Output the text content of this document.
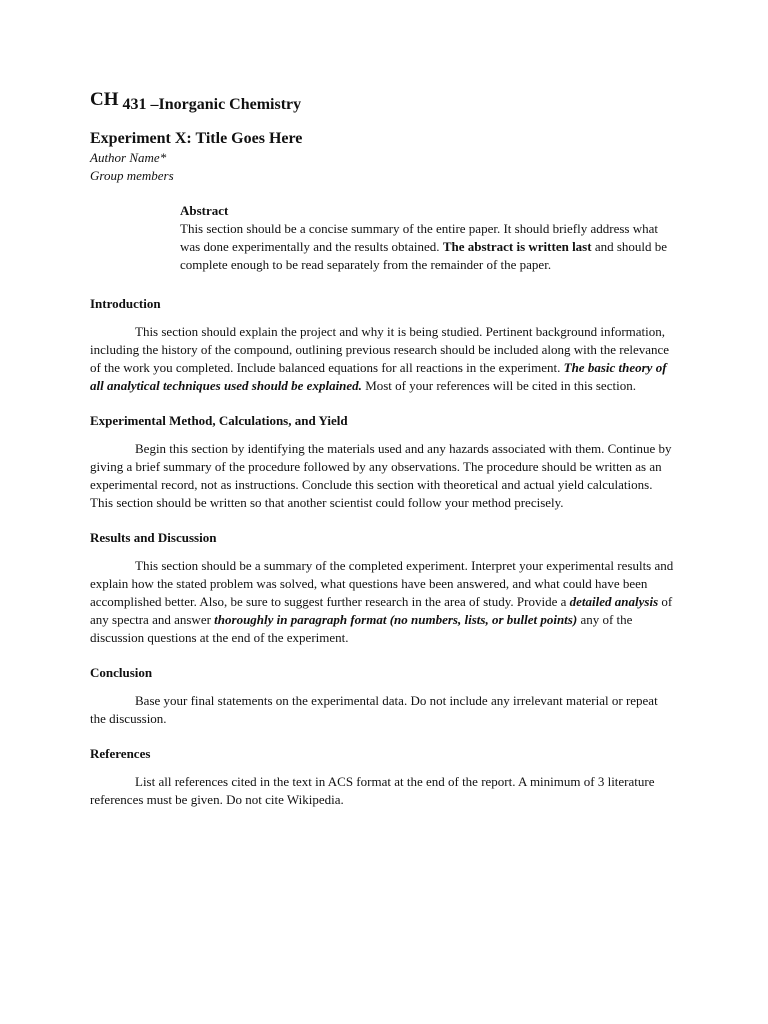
CH 431 –Inorganic Chemistry
Experiment X: Title Goes Here

Author Name*

Group members

Abstract

This section should be a concise summary of the entire paper. It should briefly address what was done experimentally and the results obtained. The abstract is written last and should be complete enough to be read separately from the remainder of the paper.

Introduction

This section should explain the project and why it is being studied. Pertinent background information, including the history of the compound, outlining previous research should be included along with the relevance of the work you completed. Include balanced equations for all reactions in the experiment. The basic theory of all analytical techniques used should be explained. Most of your references will be cited in this section.

Experimental Method, Calculations, and Yield

Begin this section by identifying the materials used and any hazards associated with them. Continue by giving a brief summary of the procedure followed by any observations. The procedure should be written as an experimental record, not as instructions. Conclude this section with theoretical and actual yield calculations. This section should be written so that another scientist could follow your method precisely.

Results and Discussion

This section should be a summary of the completed experiment. Interpret your experimental results and explain how the stated problem was solved, what questions have been answered, and what could have been accomplished better. Also, be sure to suggest further research in the area of study. Provide a detailed analysis of any spectra and answer thoroughly in paragraph format (no numbers, lists, or bullet points) any of the discussion questions at the end of the experiment.

Conclusion

Base your final statements on the experimental data. Do not include any irrelevant material or repeat the discussion.

References

List all references cited in the text in ACS format at the end of the report. A minimum of 3 literature references must be given. Do not cite Wikipedia.
